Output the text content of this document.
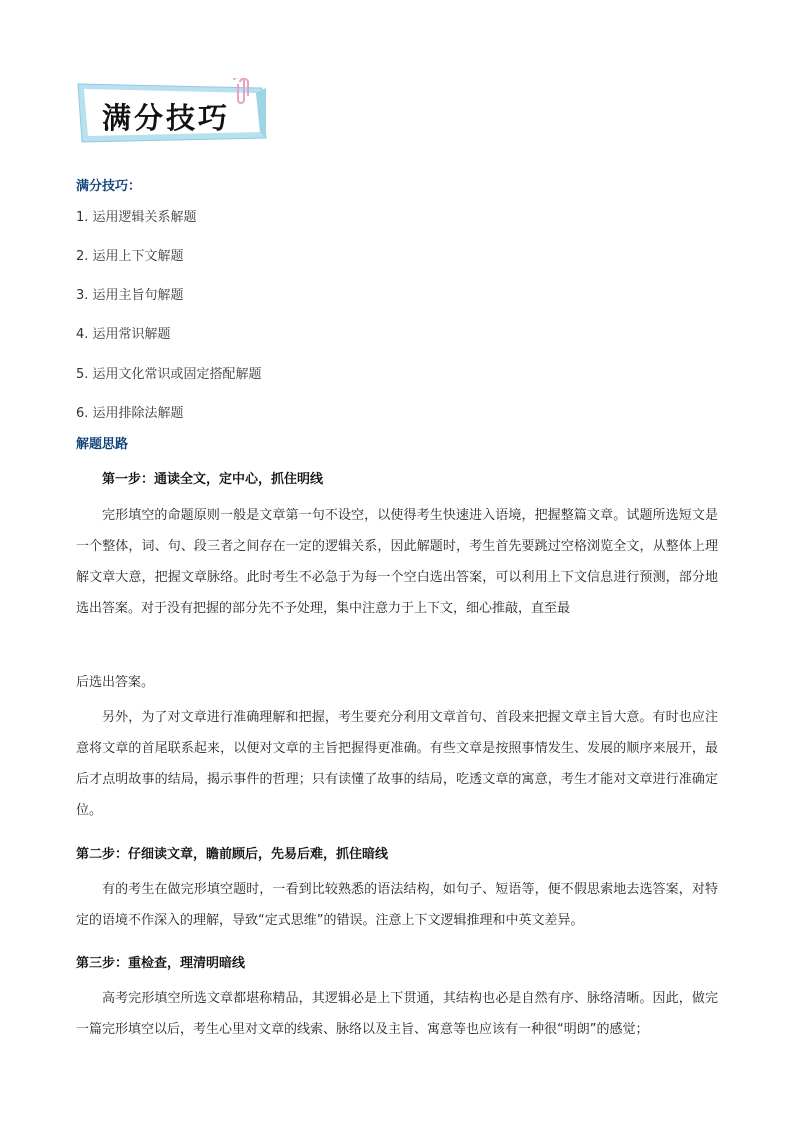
满分技巧
满分技巧：
1. 运用逻辑关系解题
2. 运用上下文解题
3. 运用主旨句解题
4. 运用常识解题
5. 运用文化常识或固定搭配解题
6. 运用排除法解题
解题思路
第一步：通读全文，定中心，抓住明线
完形填空的命题原则一般是文章第一句不设空，以使得考生快速进入语境，把握整篇文章。试题所选短文是一个整体，词、句、段三者之间存在一定的逻辑关系，因此解题时，考生首先要跳过空格浏览全文，从整体上理解文章大意，把握文章脉络。此时考生不必急于为每一个空白选出答案，可以利用上下文信息进行预测，部分地选出答案。对于没有把握的部分先不予处理，集中注意力于上下文，细心推敲，直至最
后选出答案。
另外，为了对文章进行准确理解和把握，考生要充分利用文章首句、首段来把握文章主旨大意。有时也应注意将文章的首尾联系起来，以便对文章的主旨把握得更准确。有些文章是按照事情发生、发展的顺序来展开，最后才点明故事的结局，揭示事件的哲理；只有读懂了故事的结局，吃透文章的寓意，考生才能对文章进行准确定位。
第二步：仔细读文章，瞻前顾后，先易后难，抓住暗线
有的考生在做完形填空题时，一看到比较熟悉的语法结构，如句子、短语等，便不假思索地去选答案，对特定的语境不作深入的理解，导致“定式思维”的错误。注意上下文逻辑推理和中英文差异。
第三步：重检查，理清明暗线
高考完形填空所选文章都堪称精品，其逻辑必是上下贯通，其结构也必是自然有序、脉络清晰。因此，做完一篇完形填空以后，考生心里对文章的线索、脉络以及主旨、寓意等也应该有一种很“明朗”的感觉；
